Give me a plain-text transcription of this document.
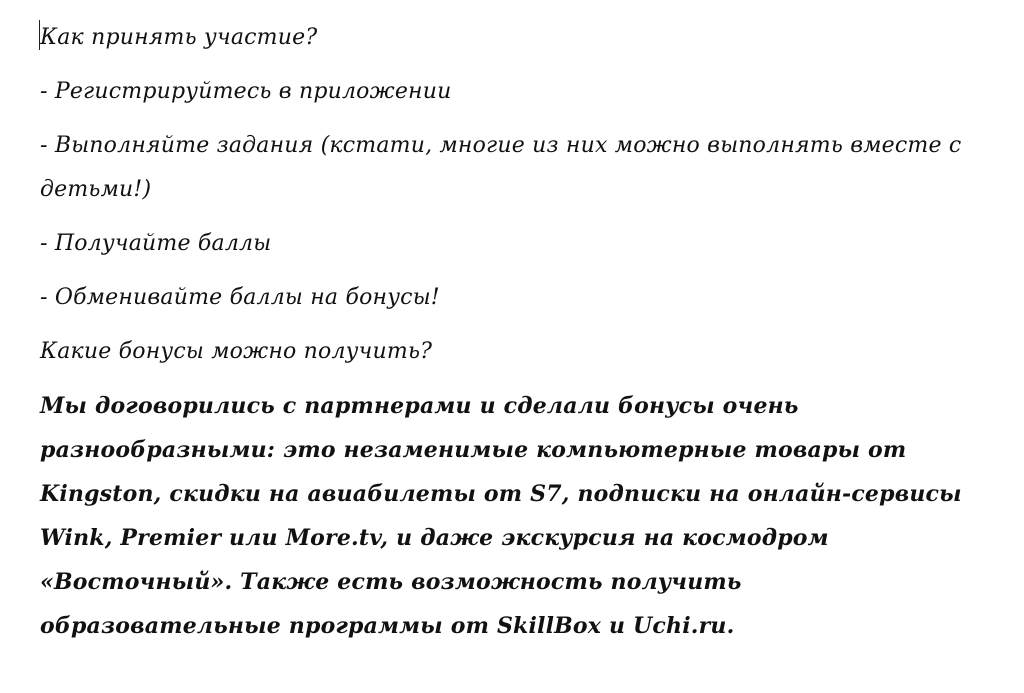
Как принять участие?

- Регистрируйтесь в приложении

- Выполняйте задания (кстати, многие из них можно выполнять вместе с детьми!)

- Получайте баллы

- Обменивайте баллы на бонусы!

Какие бонусы можно получить?

Мы договорились с партнерами и сделали бонусы очень разнообразными: это незаменимые компьютерные товары от Kingston, скидки на авиабилеты от S7, подписки на онлайн-сервисы Wink, Premier или More.tv, и даже экскурсия на космодром «Восточный». Также есть возможность получить образовательные программы от SkillBox и Uchi.ru.
